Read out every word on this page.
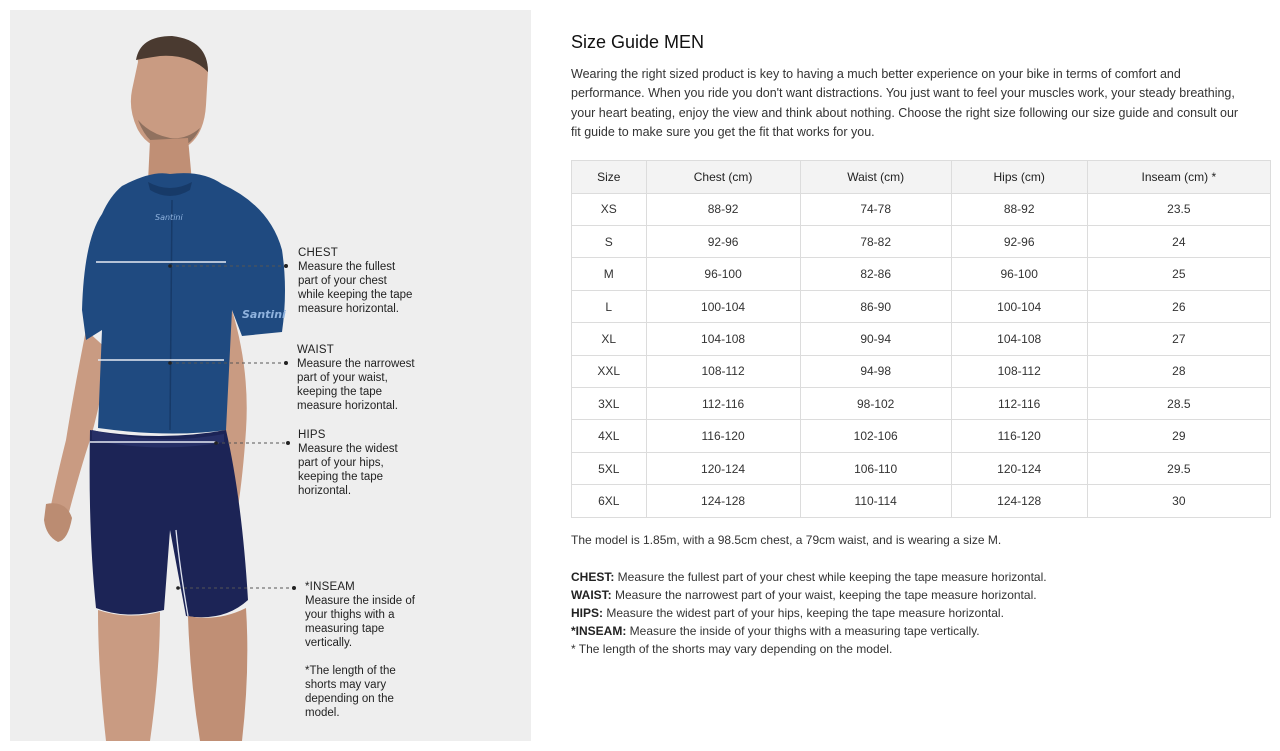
Santini
Santini
CHEST
Measure the fullest
part of your chest
while keeping the tape
measure horizontal.
WAIST
Measure the narrowest
part of your waist,
keeping the tape
measure horizontal.
HIPS
Measure the widest
part of your hips,
keeping the tape
horizontal.
*INSEAM
Measure the inside of
your thighs with a
measuring tape
vertically.
*The length of the
shorts may vary
depending on the
model.
Size Guide MEN

Wearing the right sized product is key to having a much better experience on your bike in terms of comfort and performance. When you ride you don't want distractions. You just want to feel your muscles work, your steady breathing, your heart beating, enjoy the view and think about nothing. Choose the right size following our size guide and consult our fit guide to make sure you get the fit that works for you.

Size	Chest (cm)	Waist (cm)	Hips (cm)	Inseam (cm) *
XS	88-92	74-78	88-92	23.5
S	92-96	78-82	92-96	24
M	96-100	82-86	96-100	25
L	100-104	86-90	100-104	26
XL	104-108	90-94	104-108	27
XXL	108-112	94-98	108-112	28
3XL	112-116	98-102	112-116	28.5
4XL	116-120	102-106	116-120	29
5XL	120-124	106-110	120-124	29.5
6XL	124-128	110-114	124-128	30

The model is 1.85m, with a 98.5cm chest, a 79cm waist, and is wearing a size M.

CHEST: Measure the fullest part of your chest while keeping the tape measure horizontal.
WAIST: Measure the narrowest part of your waist, keeping the tape measure horizontal.
HIPS: Measure the widest part of your hips, keeping the tape measure horizontal.
*INSEAM: Measure the inside of your thighs with a measuring tape vertically.
* The length of the shorts may vary depending on the model.
